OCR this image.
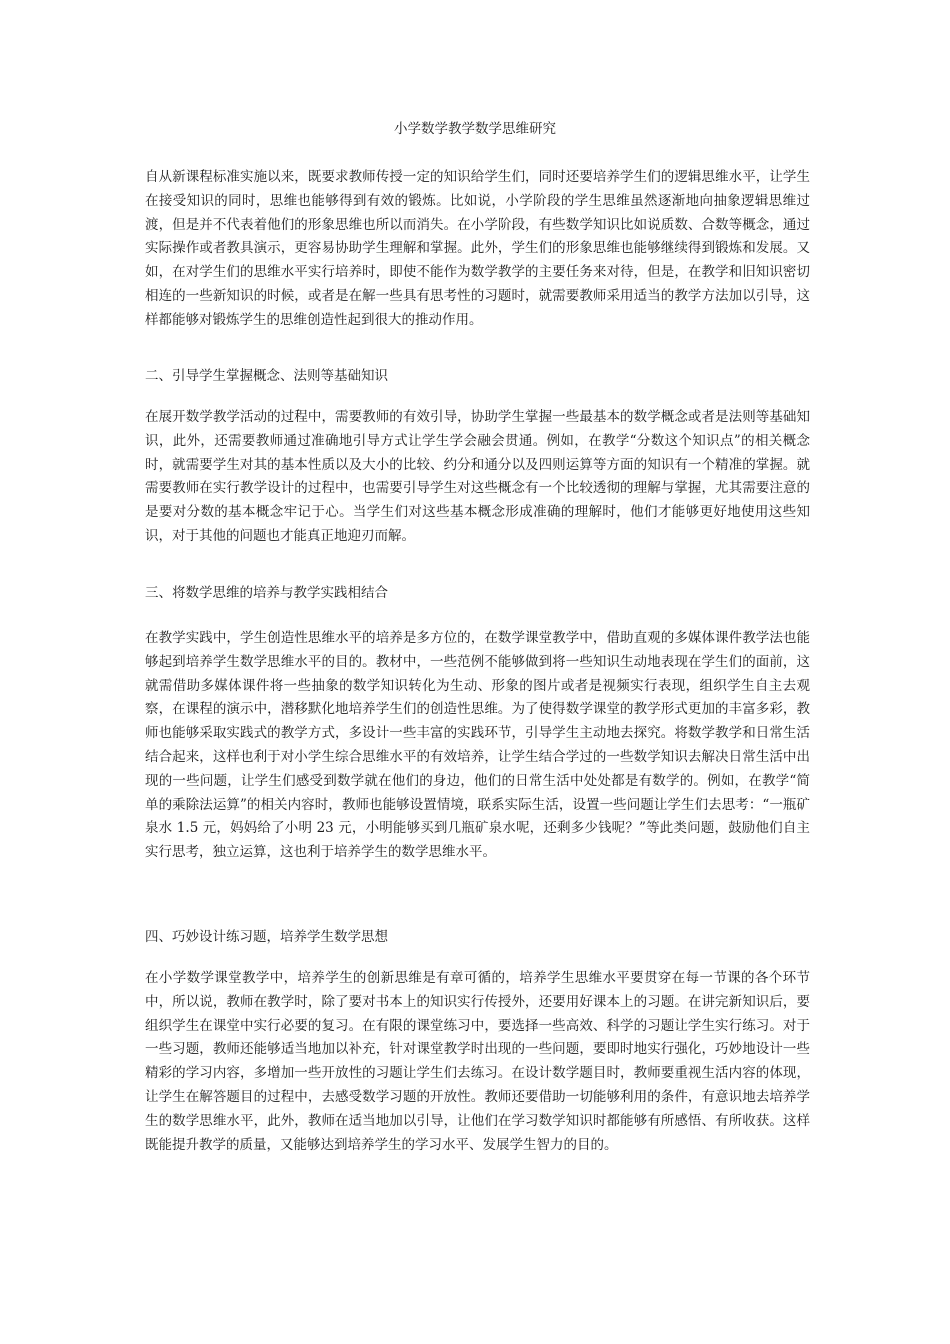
小学数学教学数学思维研究

自从新课程标准实施以来，既要求教师传授一定的知识给学生们，同时还要培养学生们的逻辑思维水平，让学生在接受知识的同时，思维也能够得到有效的锻炼。比如说，小学阶段的学生思维虽然逐渐地向抽象逻辑思维过渡，但是并不代表着他们的形象思维也所以而消失。在小学阶段，有些数学知识比如说质数、合数等概念，通过实际操作或者教具演示，更容易协助学生理解和掌握。此外，学生们的形象思维也能够继续得到锻炼和发展。又如，在对学生们的思维水平实行培养时，即使不能作为数学教学的主要任务来对待，但是，在教学和旧知识密切相连的一些新知识的时候，或者是在解一些具有思考性的习题时，就需要教师采用适当的教学方法加以引导，这样都能够对锻炼学生的思维创造性起到很大的推动作用。

二、引导学生掌握概念、法则等基础知识

在展开数学教学活动的过程中，需要教师的有效引导，协助学生掌握一些最基本的数学概念或者是法则等基础知识，此外，还需要教师通过准确地引导方式让学生学会融会贯通。例如，在教学“分数这个知识点”的相关概念时，就需要学生对其的基本性质以及大小的比较、约分和通分以及四则运算等方面的知识有一个精准的掌握。就需要教师在实行教学设计的过程中，也需要引导学生对这些概念有一个比较透彻的理解与掌握，尤其需要注意的是要对分数的基本概念牢记于心。当学生们对这些基本概念形成准确的理解时，他们才能够更好地使用这些知识，对于其他的问题也才能真正地迎刃而解。

三、将数学思维的培养与教学实践相结合

在教学实践中，学生创造性思维水平的培养是多方位的，在数学课堂教学中，借助直观的多媒体课件教学法也能够起到培养学生数学思维水平的目的。教材中，一些范例不能够做到将一些知识生动地表现在学生们的面前，这就需借助多媒体课件将一些抽象的数学知识转化为生动、形象的图片或者是视频实行表现，组织学生自主去观察，在课程的演示中，潜移默化地培养学生们的创造性思维。为了使得数学课堂的教学形式更加的丰富多彩，教师也能够采取实践式的教学方式，多设计一些丰富的实践环节，引导学生主动地去探究。将数学教学和日常生活结合起来，这样也利于对小学生综合思维水平的有效培养，让学生结合学过的一些数学知识去解决日常生活中出现的一些问题，让学生们感受到数学就在他们的身边，他们的日常生活中处处都是有数学的。例如，在教学“简单的乘除法运算”的相关内容时，教师也能够设置情境，联系实际生活，设置一些问题让学生们去思考：“一瓶矿泉水 1.5 元，妈妈给了小明 23 元，小明能够买到几瓶矿泉水呢，还剩多少钱呢？”等此类问题，鼓励他们自主实行思考，独立运算，这也利于培养学生的数学思维水平。

四、巧妙设计练习题，培养学生数学思想

在小学数学课堂教学中，培养学生的创新思维是有章可循的，培养学生思维水平要贯穿在每一节课的各个环节中，所以说，教师在教学时，除了要对书本上的知识实行传授外，还要用好课本上的习题。在讲完新知识后，要组织学生在课堂中实行必要的复习。在有限的课堂练习中，要选择一些高效、科学的习题让学生实行练习。对于一些习题，教师还能够适当地加以补充，针对课堂教学时出现的一些问题，要即时地实行强化，巧妙地设计一些精彩的学习内容，多增加一些开放性的习题让学生们去练习。在设计数学题目时，教师要重视生活内容的体现，让学生在解答题目的过程中，去感受数学习题的开放性。教师还要借助一切能够利用的条件，有意识地去培养学生的数学思维水平，此外，教师在适当地加以引导，让他们在学习数学知识时都能够有所感悟、有所收获。这样既能提升教学的质量，又能够达到培养学生的学习水平、发展学生智力的目的。
